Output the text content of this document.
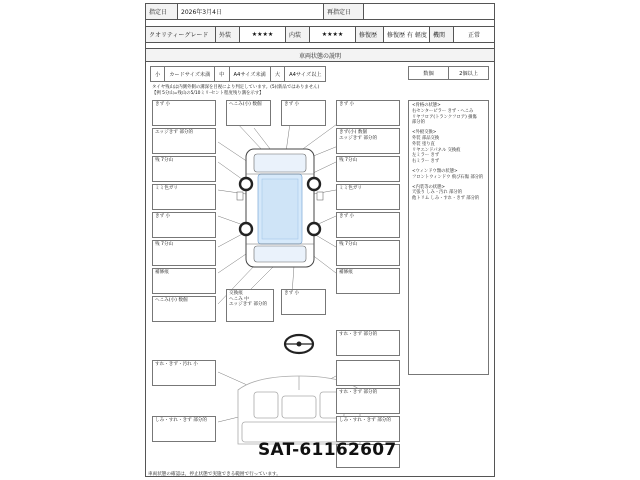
指定日	2026年3月4日	再指定日
クオリティーグレード	外装	★★★★	内装	★★★★	修復歴	修復歴 有 軽度	機関	正常
車両状態の説明
小	カードサイズ未満	中	A4サイズ未満	大	A4サイズ以上	数個	2個以上
タイヤ残山は内側外側の溝深を目視により判定しています。(5)(新品ではありません)
【例 5分山=残山の5/10ミリ-セント程度残り溝を示す】
きず 小	へこみ(小) 数個	きず 小	きず 小
エッジきず 部分的	きず(小) 数個
エッジきず 部分的
残 7分山	残 7分山
ミミ色ガリ	ミミ色ガリ
きず 小	きず 小
残 7分山	残 7分山
補修痕	補修痕
へこみ(小) 数個
交換痕
へこみ 中
エッジきず 部分的
きず 小
すれ・きず 部分的
すれ・きず・汚れ 小
すれ・きず 部分的
しみ・すれ・きず 部分的	しみ・すれ・きず 部分的
<骨格の状態>
右センターピラー きず・へこみ
リヤフロア(トランクフロア) 損傷
部分的
<外板交換>
外装 部品交換
外装 塗り直
リヤエンドパネル 交換痕
左ミラー きず
右ミラー きず
<ウィンドウ類の状態>
フロントウィンドウ 飛び石傷 部分的
<内装等の状態>
天張り しみ・汚れ 部分的
他トリム しみ・すれ・きず 部分的
SAT-61162607
車両状態の確認は，停止状態で実施できる範囲で行っています。
